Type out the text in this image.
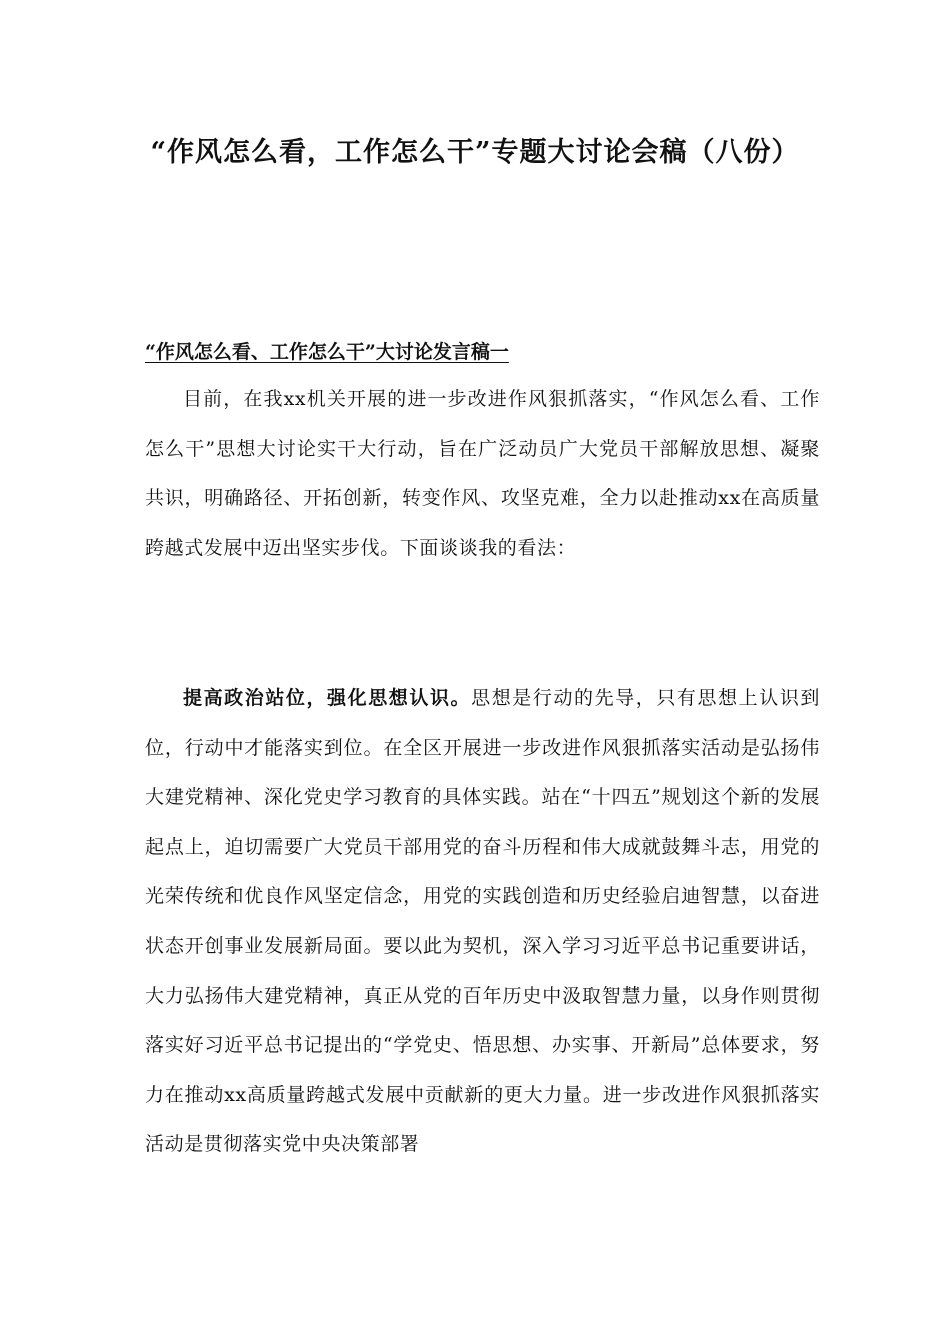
“作风怎么看，工作怎么干”专题大讨论会稿（八份）
“作风怎么看、工作怎么干”大讨论发言稿一

目前，在我xx机关开展的进一步改进作风狠抓落实，“作风怎么看、工作怎么干”思想大讨论实干大行动，旨在广泛动员广大党员干部解放思想、凝聚共识，明确路径、开拓创新，转变作风、攻坚克难，全力以赴推动xx在高质量跨越式发展中迈出坚实步伐。下面谈谈我的看法：

提高政治站位，强化思想认识。思想是行动的先导，只有思想上认识到位，行动中才能落实到位。在全区开展进一步改进作风狠抓落实活动是弘扬伟大建党精神、深化党史学习教育的具体实践。站在“十四五”规划这个新的发展起点上，迫切需要广大党员干部用党的奋斗历程和伟大成就鼓舞斗志，用党的光荣传统和优良作风坚定信念，用党的实践创造和历史经验启迪智慧，以奋进状态开创事业发展新局面。要以此为契机，深入学习习近平总书记重要讲话，大力弘扬伟大建党精神，真正从党的百年历史中汲取智慧力量，以身作则贯彻落实好习近平总书记提出的“学党史、悟思想、办实事、开新局”总体要求，努力在推动xx高质量跨越式发展中贡献新的更大力量。进一步改进作风狠抓落实活动是贯彻落实党中央决策部署
